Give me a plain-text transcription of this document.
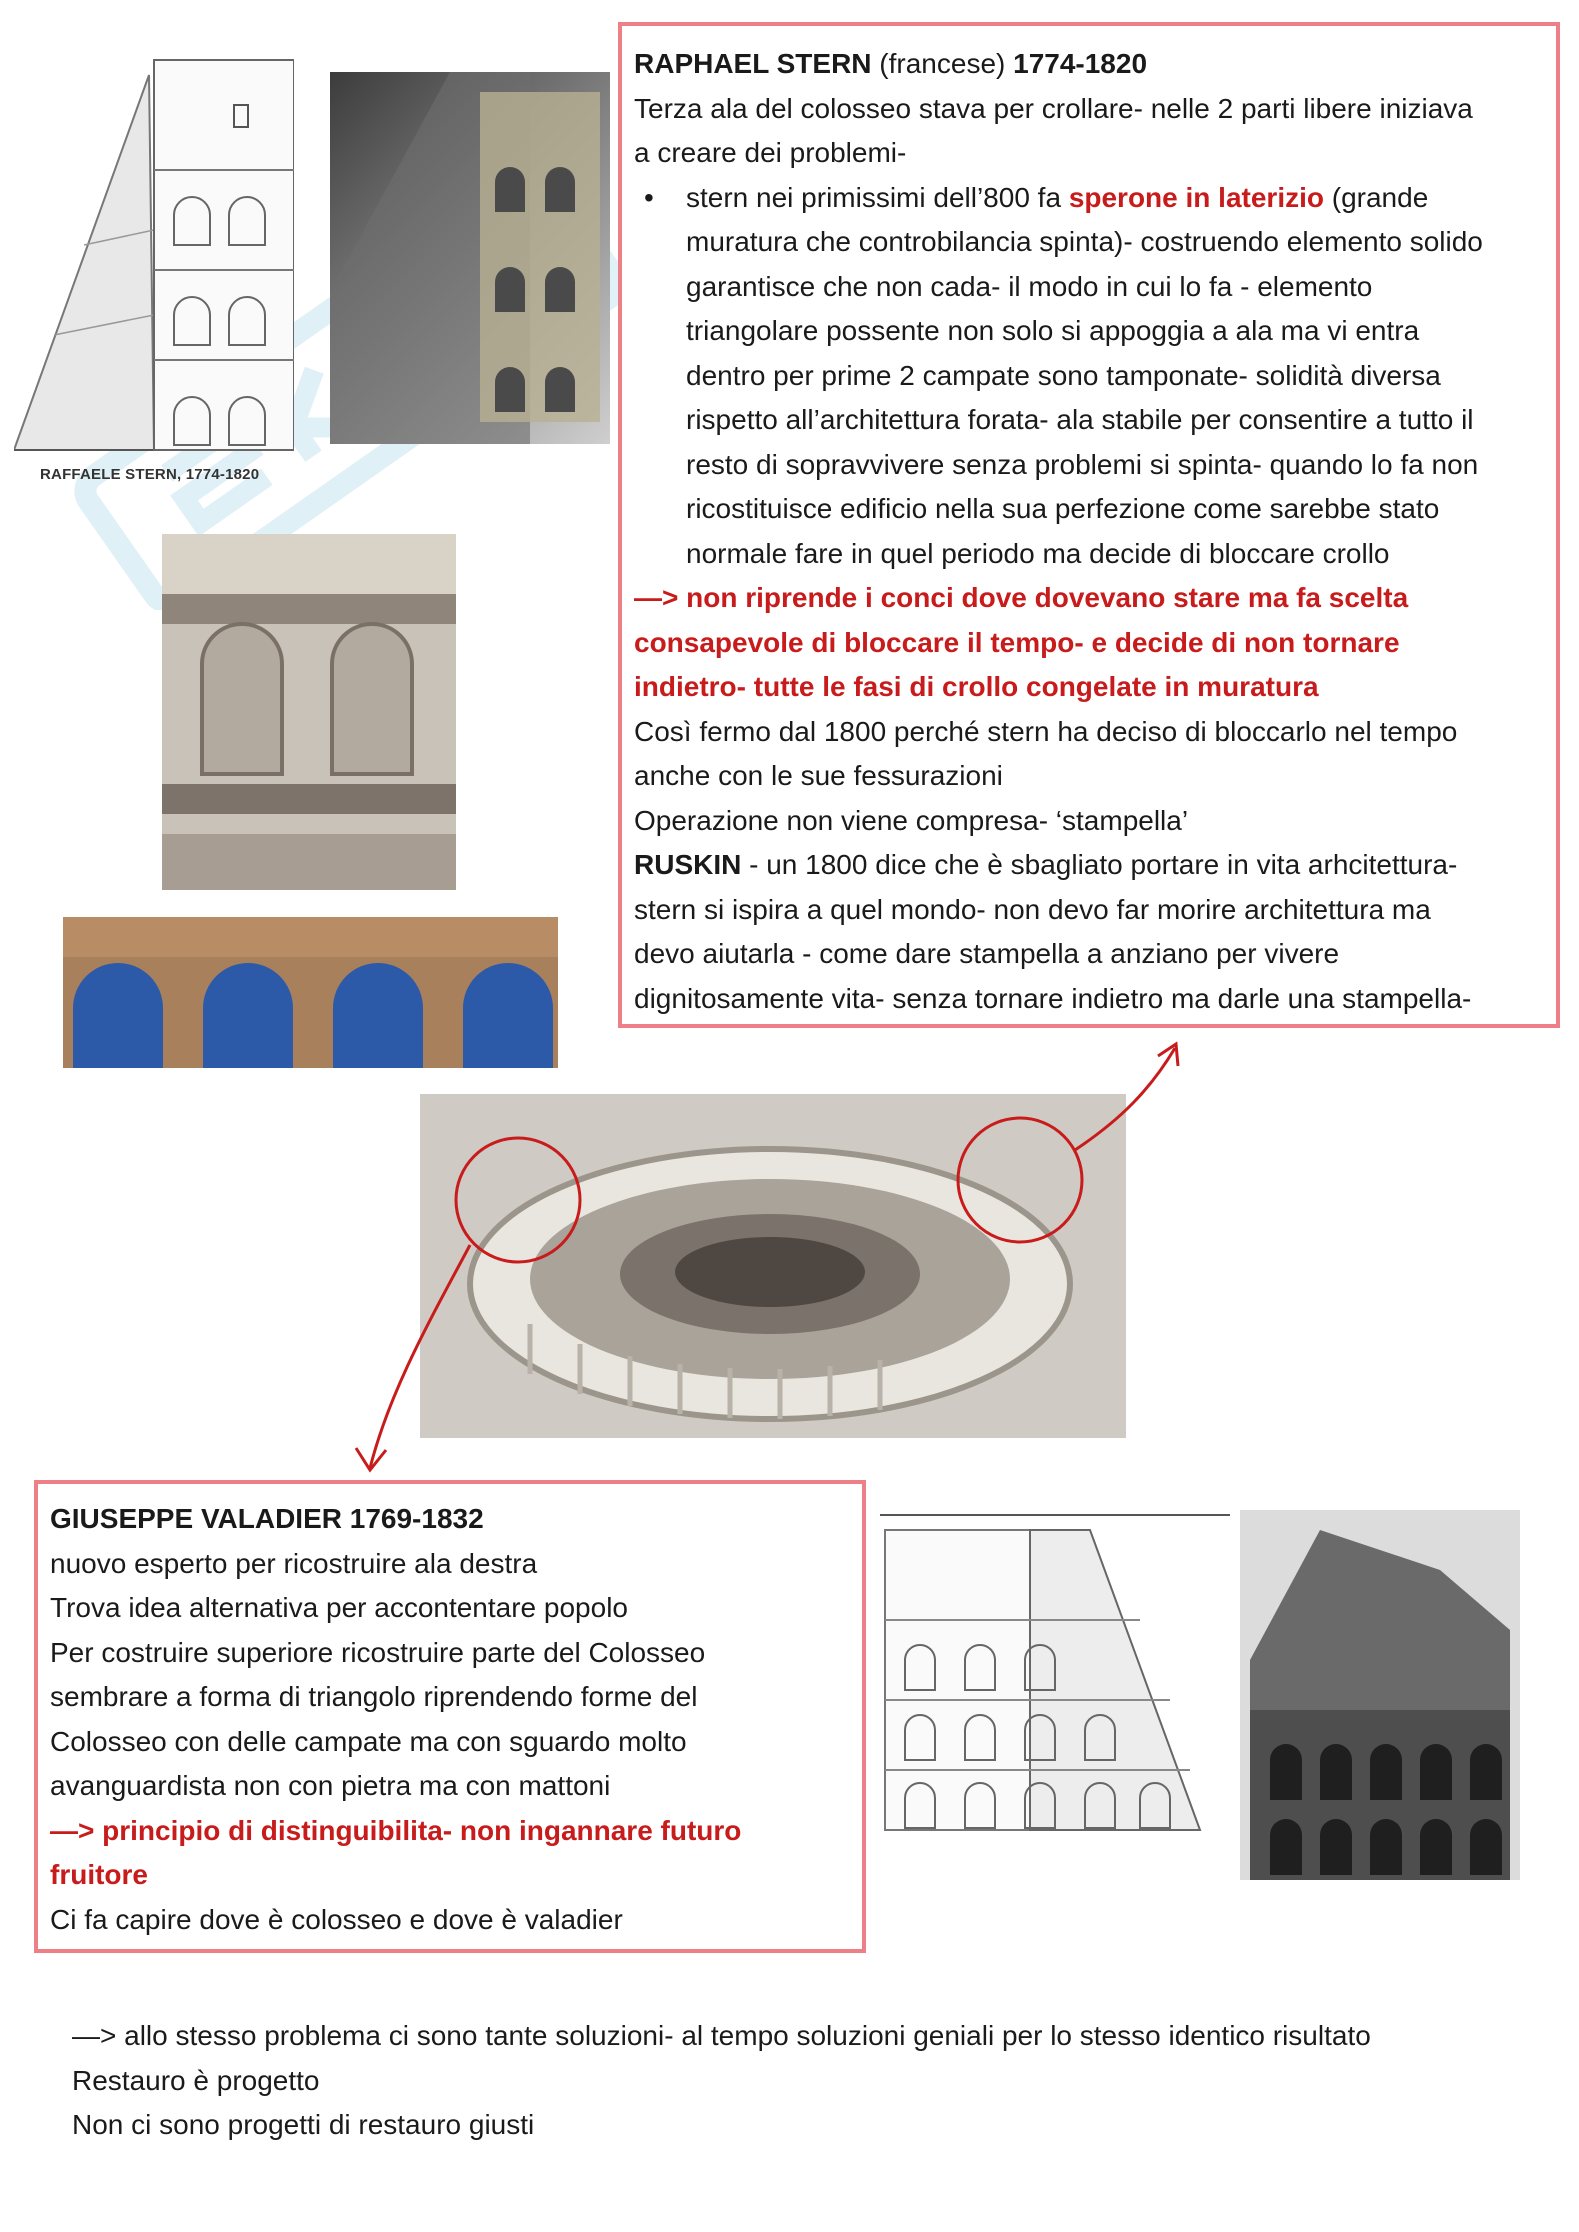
RAFFAELE STERN, 1774-1820
RAPHAEL STERN (francese) 1774-1820
Terza ala del colosseo stava per crollare- nelle 2 parti libere iniziava
a creare dei problemi-
• stern nei primissimi dell’800 fa sperone in laterizio (grande
muratura che controbilancia spinta)- costruendo elemento solido
garantisce che non cada- il modo in cui lo fa - elemento
triangolare possente non solo si appoggia a ala ma vi entra
dentro per prime 2 campate sono tamponate- solidità diversa
rispetto all’architettura forata- ala stabile per consentire a tutto il
resto di sopravvivere senza problemi si spinta- quando lo fa non
ricostituisce edificio nella sua perfezione come sarebbe stato
normale fare in quel periodo ma decide di bloccare crollo
—> non riprende i conci dove dovevano stare ma fa scelta
consapevole di bloccare il tempo- e decide di non tornare
indietro- tutte le fasi di crollo congelate in muratura
Così fermo dal 1800 perché stern ha deciso di bloccarlo nel tempo
anche con le sue fessurazioni
Operazione non viene compresa- ‘stampella’
RUSKIN - un 1800 dice che è sbagliato portare in vita arhcitettura-
stern si ispira a quel mondo- non devo far morire architettura ma
devo aiutarla - come dare stampella a anziano per vivere
dignitosamente vita- senza tornare indietro ma darle una stampella-
GIUSEPPE VALADIER 1769-1832
nuovo esperto per ricostruire ala destra
Trova idea alternativa per accontentare popolo
Per costruire superiore ricostruire parte del Colosseo
sembrare a forma di triangolo riprendendo forme del
Colosseo con delle campate ma con sguardo molto
avanguardista non con pietra ma con mattoni
—> principio di distinguibilita- non ingannare futuro
fruitore
Ci fa capire dove è colosseo e dove è valadier
—> allo stesso problema ci sono tante soluzioni- al tempo soluzioni geniali per lo stesso identico risultato
Restauro è progetto
Non ci sono progetti di restauro giusti
